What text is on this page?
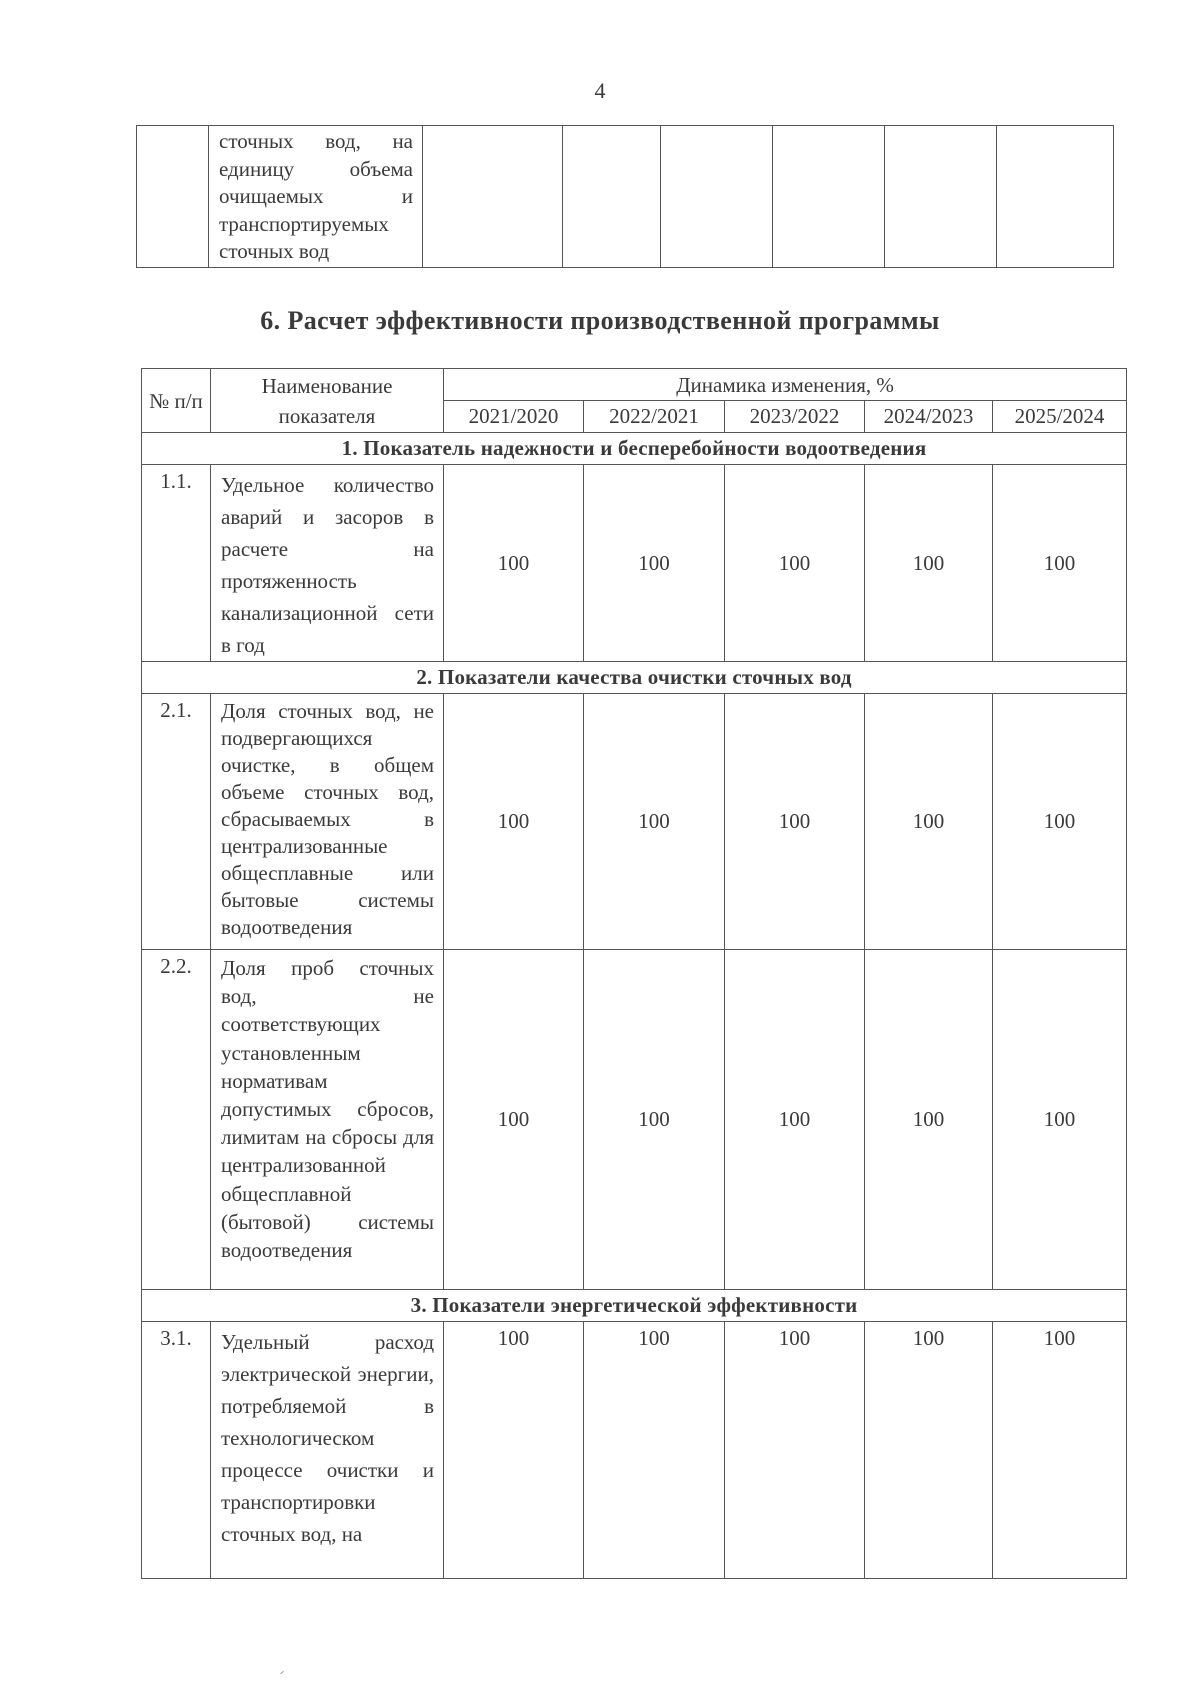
4
	сточных вод, на единицу объема очищаемых и транспортируемых сточных вод						
6. Расчет эффективности производственной программы
№ п/п	Наименование показателя	Динамика изменения, %				
		2021/2020	2022/2021	2023/2022	2024/2023	2025/2024
1. Показатель надежности и бесперебойности водоотведения						
1.1.	Удельное количество аварий и засоров в расчете на протяженность канализационной сети в год	100	100	100	100	100
2. Показатели качества очистки сточных вод						
2.1.	Доля сточных вод, не подвергающихся очистке, в общем объеме сточных вод, сбрасываемых в централизованные общесплавные или бытовые системы водоотведения	100	100	100	100	100
2.2.	Доля проб сточных вод, не соответствующих установленным нормативам допустимых сбросов, лимитам на сбросы для централизованной общесплавной (бытовой) системы водоотведения	100	100	100	100	100
3. Показатели энергетической эффективности						
3.1.	Удельный расход электрической энергии, потребляемой в технологическом процессе очистки и транспортировки сточных вод, на	100	100	100	100	100
